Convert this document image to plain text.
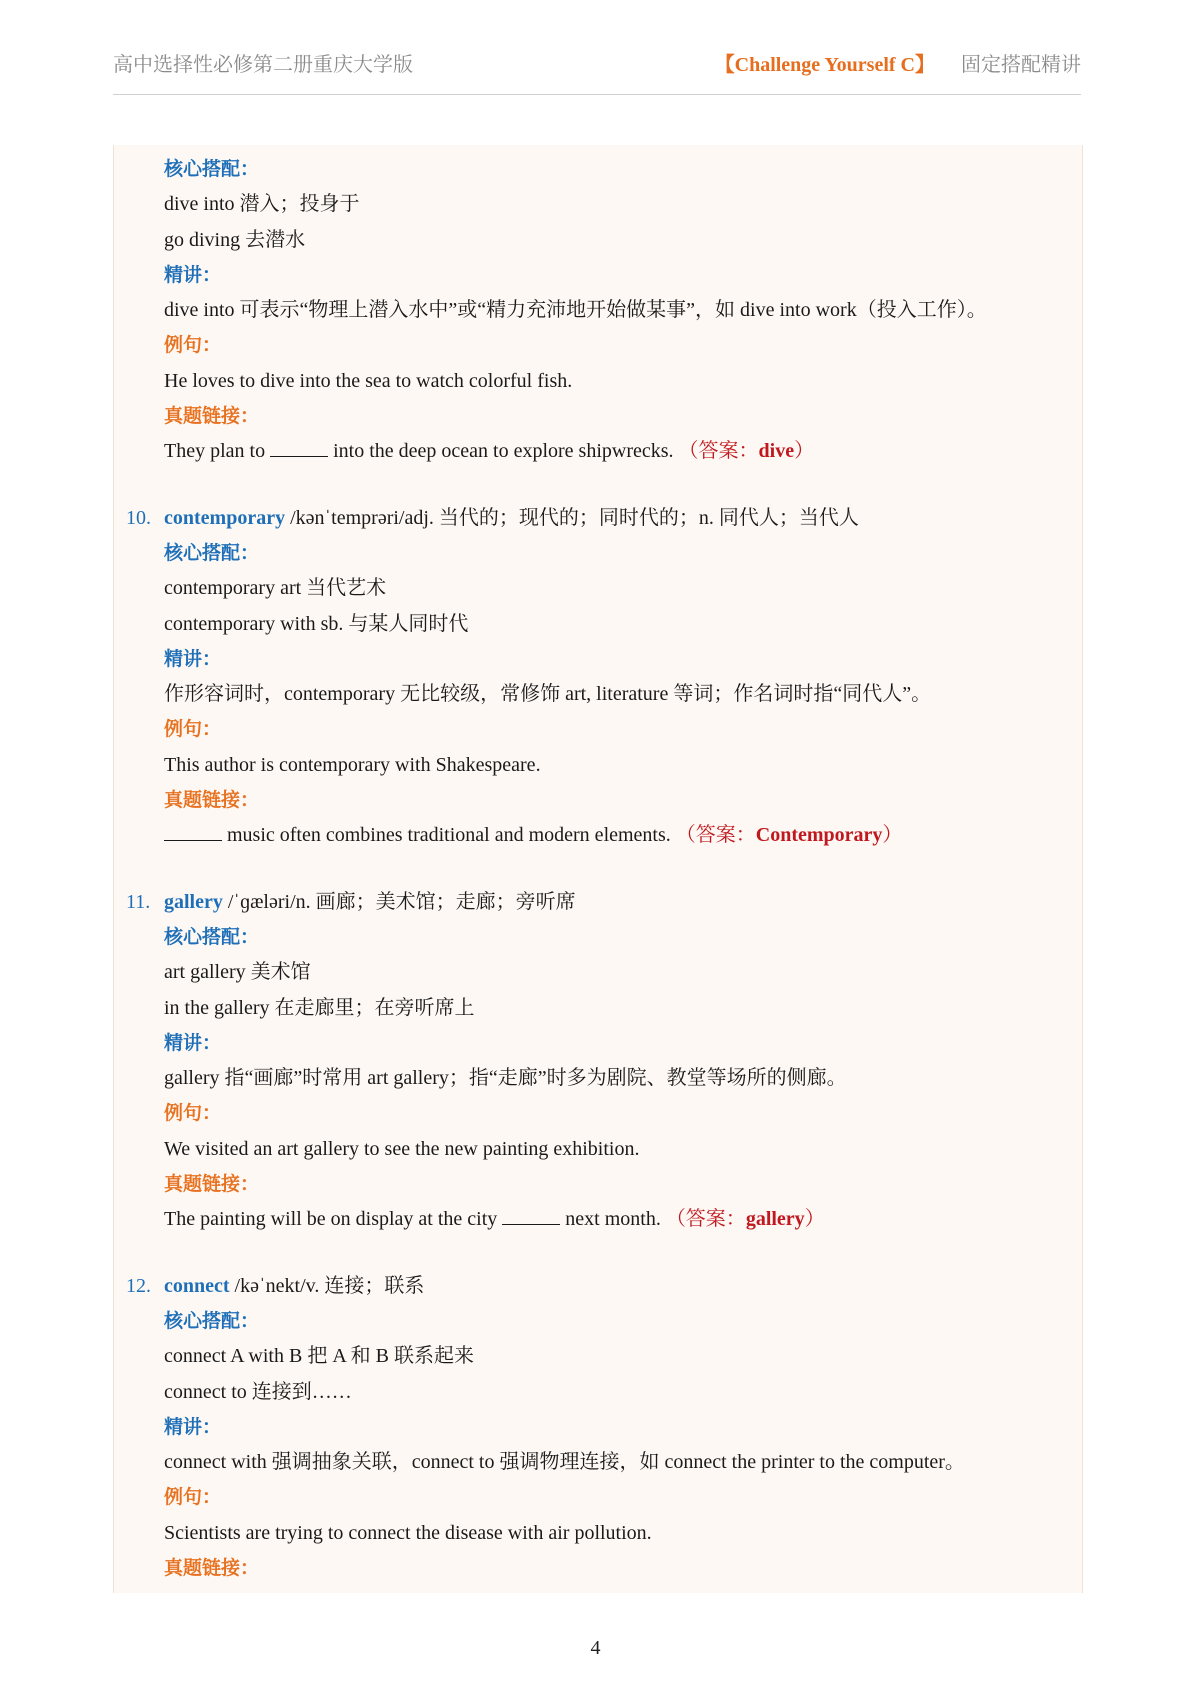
高中选择性必修第二册重庆大学版	【Challenge Yourself C】 固定搭配精讲
核心搭配：
dive into 潜入；投身于
go diving 去潜水
精讲：
dive into 可表示“物理上潜入水中”或“精力充沛地开始做某事”，如 dive into work（投入工作）。
例句：
He loves to dive into the sea to watch colorful fish.
真题链接：
They plan to	into the deep ocean to explore shipwrecks. （答案：dive）
10. contemporary /kənˈtemprəri/adj. 当代的；现代的；同时代的；n. 同代人；当代人
核心搭配：
contemporary art 当代艺术
contemporary with sb. 与某人同时代
精讲：
作形容词时，contemporary 无比较级，常修饰 art, literature 等词；作名词时指“同代人”。
例句：
This author is contemporary with Shakespeare.
真题链接：
music often combines traditional and modern elements. （答案：Contemporary）
11. gallery /ˈɡæləri/n. 画廊；美术馆；走廊；旁听席
核心搭配：
art gallery 美术馆
in the gallery 在走廊里；在旁听席上
精讲：
gallery 指“画廊”时常用 art gallery；指“走廊”时多为剧院、教堂等场所的侧廊。
例句：
We visited an art gallery to see the new painting exhibition.
真题链接：
The painting will be on display at the city	next month. （答案：gallery）
12. connect /kəˈnekt/v. 连接；联系
核心搭配：
connect A with B 把 A 和 B 联系起来
connect to 连接到……
精讲：
connect with 强调抽象关联，connect to 强调物理连接，如 connect the printer to the computer。
例句：
Scientists are trying to connect the disease with air pollution.
真题链接：
4
